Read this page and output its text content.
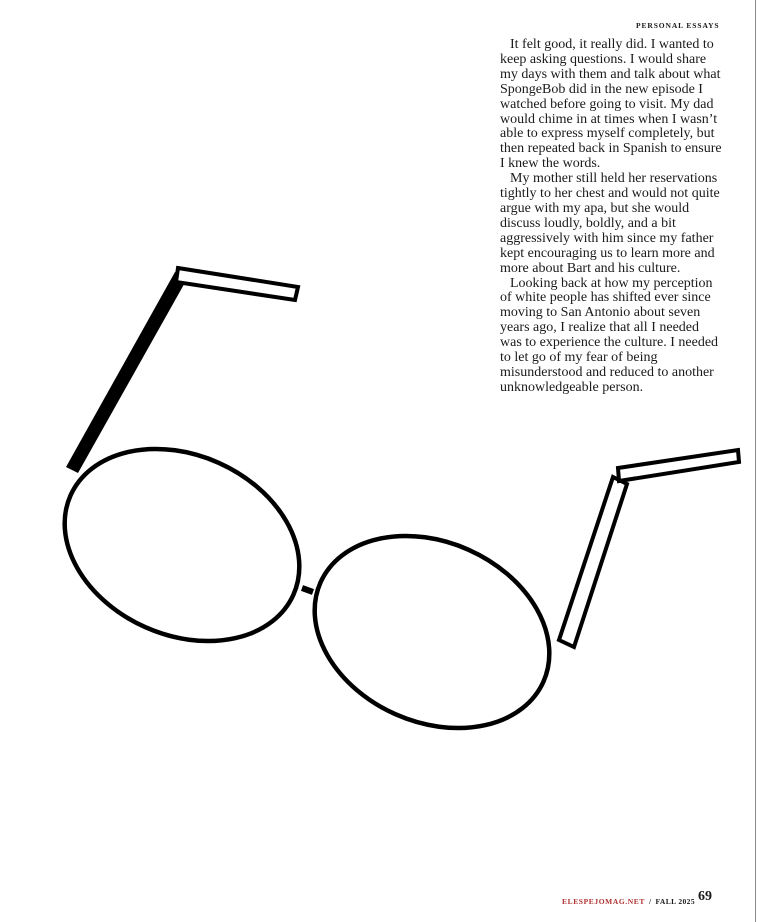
PERSONAL ESSAYS

It felt good, it really did. I wanted to keep asking questions. I would share my days with them and talk about what SpongeBob did in the new episode I watched before going to visit. My dad would chime in at times when I wasn’t able to express myself completely, but then repeated back in Spanish to ensure I knew the words.

My mother still held her reservations tightly to her chest and would not quite argue with my apa, but she would discuss loudly, boldly, and a bit aggressively with him since my father kept encouraging us to learn more and more about Bart and his culture.

Looking back at how my perception of white people has shifted ever since moving to San Antonio about seven years ago, I realize that all I needed was to experience the culture. I needed to let go of my fear of being misunderstood and reduced to another unknowledgeable person.

ELESPEJOMAG.NET / FALL 2025 69
